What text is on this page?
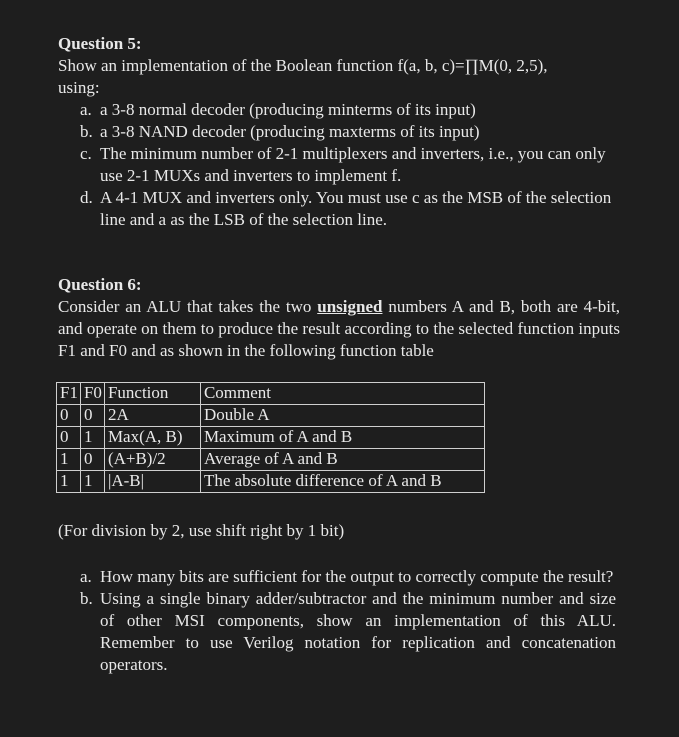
Question 5:
Show an implementation of the Boolean function f(a, b, c)=∏M(0, 2,5),
using:
a. a 3-8 normal decoder (producing minterms of its input)
b. a 3-8 NAND decoder (producing maxterms of its input)
c. The minimum number of 2-1 multiplexers and inverters, i.e., you can only use 2-1 MUXs and inverters to implement f.
d. A 4-1 MUX and inverters only. You must use c as the MSB of the selection line and a as the LSB of the selection line.
Question 6:
Consider an ALU that takes the two unsigned numbers A and B, both are 4-bit, and operate on them to produce the result according to the selected function inputs F1 and F0 and as shown in the following function table
F1	F0	Function	Comment
0	0	2A	Double A
0	1	Max(A, B)	Maximum of A and B
1	0	(A+B)/2	Average of A and B
1	1	|A-B|	The absolute difference of A and B
(For division by 2, use shift right by 1 bit)
a. How many bits are sufficient for the output to correctly compute the result?
b. Using a single binary adder/subtractor and the minimum number and size of other MSI components, show an implementation of this ALU. Remember to use Verilog notation for replication and concatenation operators.
